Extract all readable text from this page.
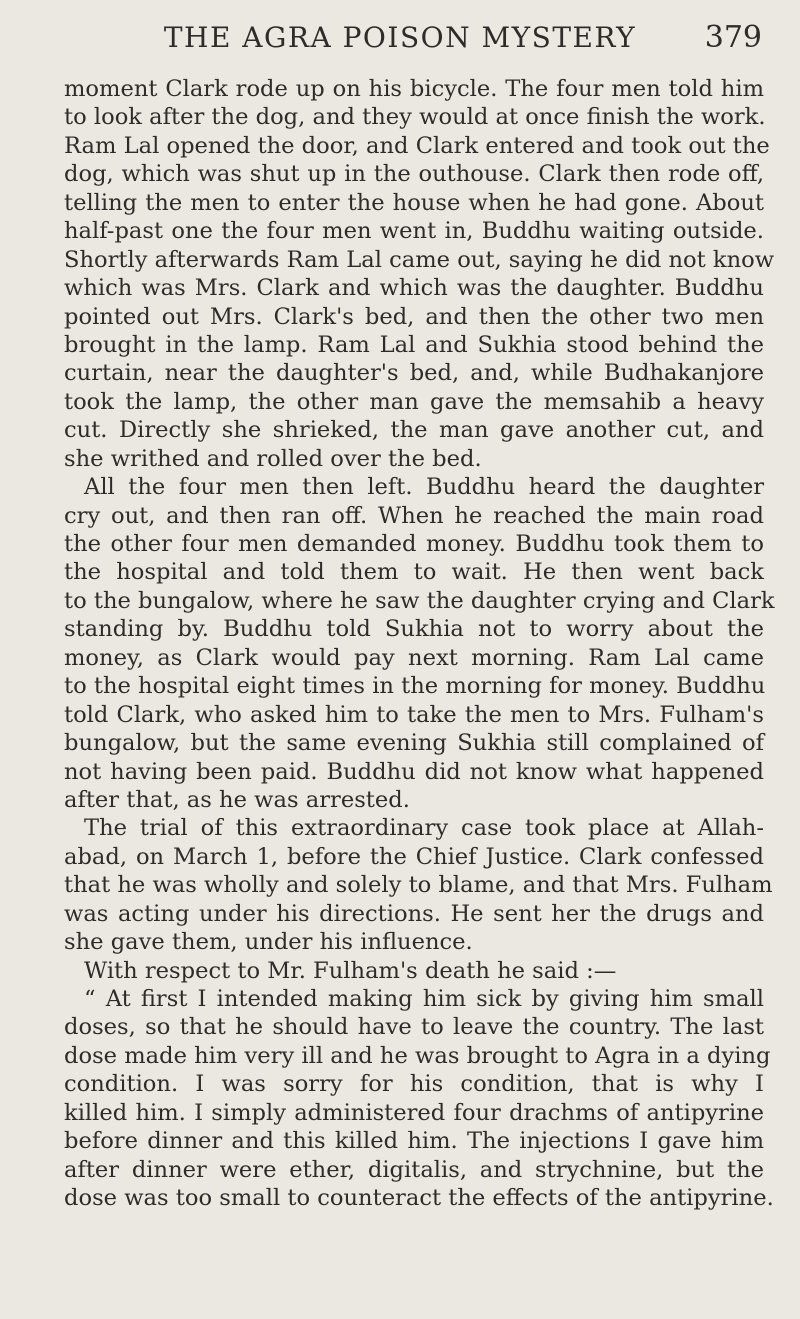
THE AGRA POISON MYSTERY	379
moment Clark rode up on his bicycle. The four men told him
to look after the dog, and they would at once finish the work.
Ram Lal opened the door, and Clark entered and took out the
dog, which was shut up in the outhouse. Clark then rode off,
telling the men to enter the house when he had gone. About
half-past one the four men went in, Buddhu waiting outside.
Shortly afterwards Ram Lal came out, saying he did not know
which was Mrs. Clark and which was the daughter. Buddhu
pointed out Mrs. Clark's bed, and then the other two men
brought in the lamp. Ram Lal and Sukhia stood behind the
curtain, near the daughter's bed, and, while Budhakanjore
took the lamp, the other man gave the memsahib a heavy
cut. Directly she shrieked, the man gave another cut, and
she writhed and rolled over the bed.
All the four men then left. Buddhu heard the daughter
cry out, and then ran off. When he reached the main road
the other four men demanded money. Buddhu took them to
the hospital and told them to wait. He then went back
to the bungalow, where he saw the daughter crying and Clark
standing by. Buddhu told Sukhia not to worry about the
money, as Clark would pay next morning. Ram Lal came
to the hospital eight times in the morning for money. Buddhu
told Clark, who asked him to take the men to Mrs. Fulham's
bungalow, but the same evening Sukhia still complained of
not having been paid. Buddhu did not know what happened
after that, as he was arrested.
The trial of this extraordinary case took place at Allah-
abad, on March 1, before the Chief Justice. Clark confessed
that he was wholly and solely to blame, and that Mrs. Fulham
was acting under his directions. He sent her the drugs and
she gave them, under his influence.
With respect to Mr. Fulham's death he said :—
“ At first I intended making him sick by giving him small
doses, so that he should have to leave the country. The last
dose made him very ill and he was brought to Agra in a dying
condition. I was sorry for his condition, that is why I
killed him. I simply administered four drachms of antipyrine
before dinner and this killed him. The injections I gave him
after dinner were ether, digitalis, and strychnine, but the
dose was too small to counteract the effects of the antipyrine.
